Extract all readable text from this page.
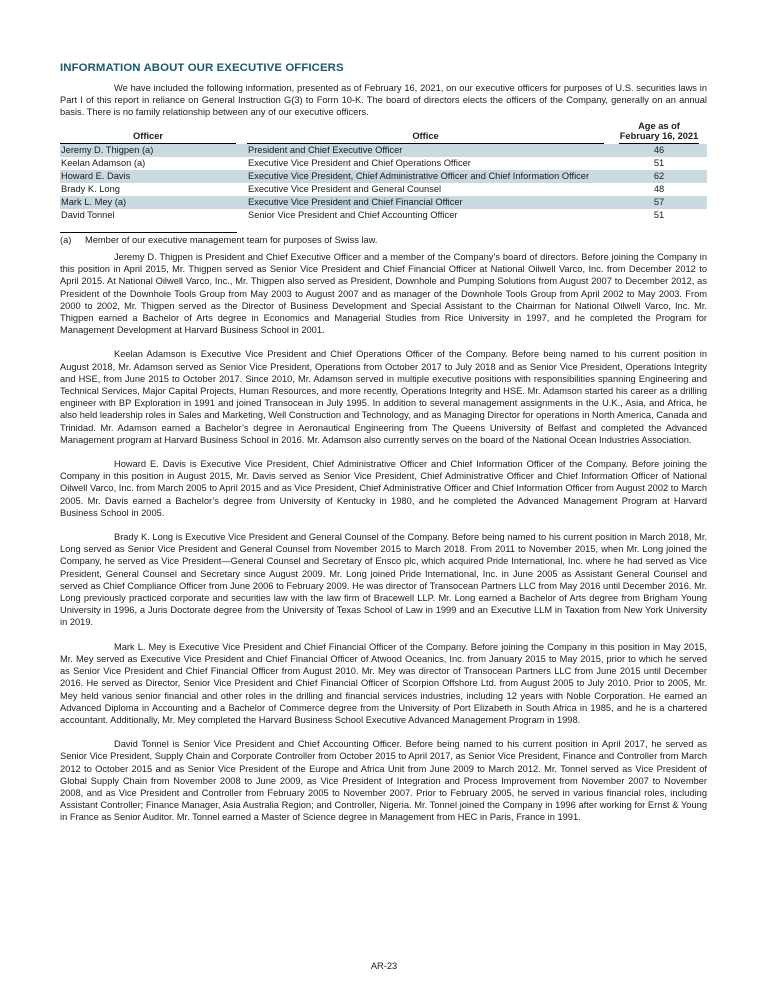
INFORMATION ABOUT OUR EXECUTIVE OFFICERS

We have included the following information, presented as of February 16, 2021, on our executive officers for purposes of U.S. securities laws in Part I of this report in reliance on General Instruction G(3) to Form 10-K. The board of directors elects the officers of the Company, generally on an annual basis. There is no family relationship between any of our executive officers.

Officer	Office
Age as of
February 16, 2021
Jeremy D. Thigpen (a)	President and Chief Executive Officer	46
Keelan Adamson (a)	Executive Vice President and Chief Operations Officer	51
Howard E. Davis	Executive Vice President, Chief Administrative Officer and Chief Information Officer	62
Brady K. Long	Executive Vice President and General Counsel	48
Mark L. Mey (a)	Executive Vice President and Chief Financial Officer	57
David Tonnel	Senior Vice President and Chief Accounting Officer	51
(a)	Member of our executive management team for purposes of Swiss law.

Jeremy D. Thigpen is President and Chief Executive Officer and a member of the Company’s board of directors. Before joining the Company in this position in April 2015, Mr. Thigpen served as Senior Vice President and Chief Financial Officer at National Oilwell Varco, Inc. from December 2012 to April 2015. At National Oilwell Varco, Inc., Mr. Thigpen also served as President, Downhole and Pumping Solutions from August 2007 to December 2012, as President of the Downhole Tools Group from May 2003 to August 2007 and as manager of the Downhole Tools Group from April 2002 to May 2003. From 2000 to 2002, Mr. Thigpen served as the Director of Business Development and Special Assistant to the Chairman for National Oilwell Varco, Inc. Mr. Thigpen earned a Bachelor of Arts degree in Economics and Managerial Studies from Rice University in 1997, and he completed the Program for Management Development at Harvard Business School in 2001.

Keelan Adamson is Executive Vice President and Chief Operations Officer of the Company. Before being named to his current position in August 2018, Mr. Adamson served as Senior Vice President, Operations from October 2017 to July 2018 and as Senior Vice President, Operations Integrity and HSE, from June 2015 to October 2017. Since 2010, Mr. Adamson served in multiple executive positions with responsibilities spanning Engineering and Technical Services, Major Capital Projects, Human Resources, and more recently, Operations Integrity and HSE. Mr. Adamson started his career as a drilling engineer with BP Exploration in 1991 and joined Transocean in July 1995. In addition to several management assignments in the U.K., Asia, and Africa, he also held leadership roles in Sales and Marketing, Well Construction and Technology, and as Managing Director for operations in North America, Canada and Trinidad. Mr. Adamson earned a Bachelor’s degree in Aeronautical Engineering from The Queens University of Belfast and completed the Advanced Management program at Harvard Business School in 2016. Mr. Adamson also currently serves on the board of the National Ocean Industries Association.

Howard E. Davis is Executive Vice President, Chief Administrative Officer and Chief Information Officer of the Company. Before joining the Company in this position in August 2015, Mr. Davis served as Senior Vice President, Chief Administrative Officer and Chief Information Officer of National Oilwell Varco, Inc. from March 2005 to April 2015 and as Vice President, Chief Administrative Officer and Chief Information Officer from August 2002 to March 2005. Mr. Davis earned a Bachelor’s degree from University of Kentucky in 1980, and he completed the Advanced Management Program at Harvard Business School in 2005.

Brady K. Long is Executive Vice President and General Counsel of the Company. Before being named to his current position in March 2018, Mr. Long served as Senior Vice President and General Counsel from November 2015 to March 2018. From 2011 to November 2015, when Mr. Long joined the Company, he served as Vice President—General Counsel and Secretary of Ensco plc, which acquired Pride International, Inc. where he had served as Vice President, General Counsel and Secretary since August 2009. Mr. Long joined Pride International, Inc. in June 2005 as Assistant General Counsel and served as Chief Compliance Officer from June 2006 to February 2009. He was director of Transocean Partners LLC from May 2016 until December 2016. Mr. Long previously practiced corporate and securities law with the law firm of Bracewell LLP. Mr. Long earned a Bachelor of Arts degree from Brigham Young University in 1996, a Juris Doctorate degree from the University of Texas School of Law in 1999 and an Executive LLM in Taxation from New York University in 2019.

Mark L. Mey is Executive Vice President and Chief Financial Officer of the Company. Before joining the Company in this position in May 2015, Mr. Mey served as Executive Vice President and Chief Financial Officer of Atwood Oceanics, Inc. from January 2015 to May 2015, prior to which he served as Senior Vice President and Chief Financial Officer from August 2010. Mr. Mey was director of Transocean Partners LLC from June 2015 until December 2016. He served as Director, Senior Vice President and Chief Financial Officer of Scorpion Offshore Ltd. from August 2005 to July 2010. Prior to 2005, Mr. Mey held various senior financial and other roles in the drilling and financial services industries, including 12 years with Noble Corporation. He earned an Advanced Diploma in Accounting and a Bachelor of Commerce degree from the University of Port Elizabeth in South Africa in 1985, and he is a chartered accountant. Additionally, Mr. Mey completed the Harvard Business School Executive Advanced Management Program in 1998.

David Tonnel is Senior Vice President and Chief Accounting Officer. Before being named to his current position in April 2017, he served as Senior Vice President, Supply Chain and Corporate Controller from October 2015 to April 2017, as Senior Vice President, Finance and Controller from March 2012 to October 2015 and as Senior Vice President of the Europe and Africa Unit from June 2009 to March 2012. Mr. Tonnel served as Vice President of Global Supply Chain from November 2008 to June 2009, as Vice President of Integration and Process Improvement from November 2007 to November 2008, and as Vice President and Controller from February 2005 to November 2007. Prior to February 2005, he served in various financial roles, including Assistant Controller; Finance Manager, Asia Australia Region; and Controller, Nigeria. Mr. Tonnel joined the Company in 1996 after working for Ernst & Young in France as Senior Auditor. Mr. Tonnel earned a Master of Science degree in Management from HEC in Paris, France in 1991.

AR-23
